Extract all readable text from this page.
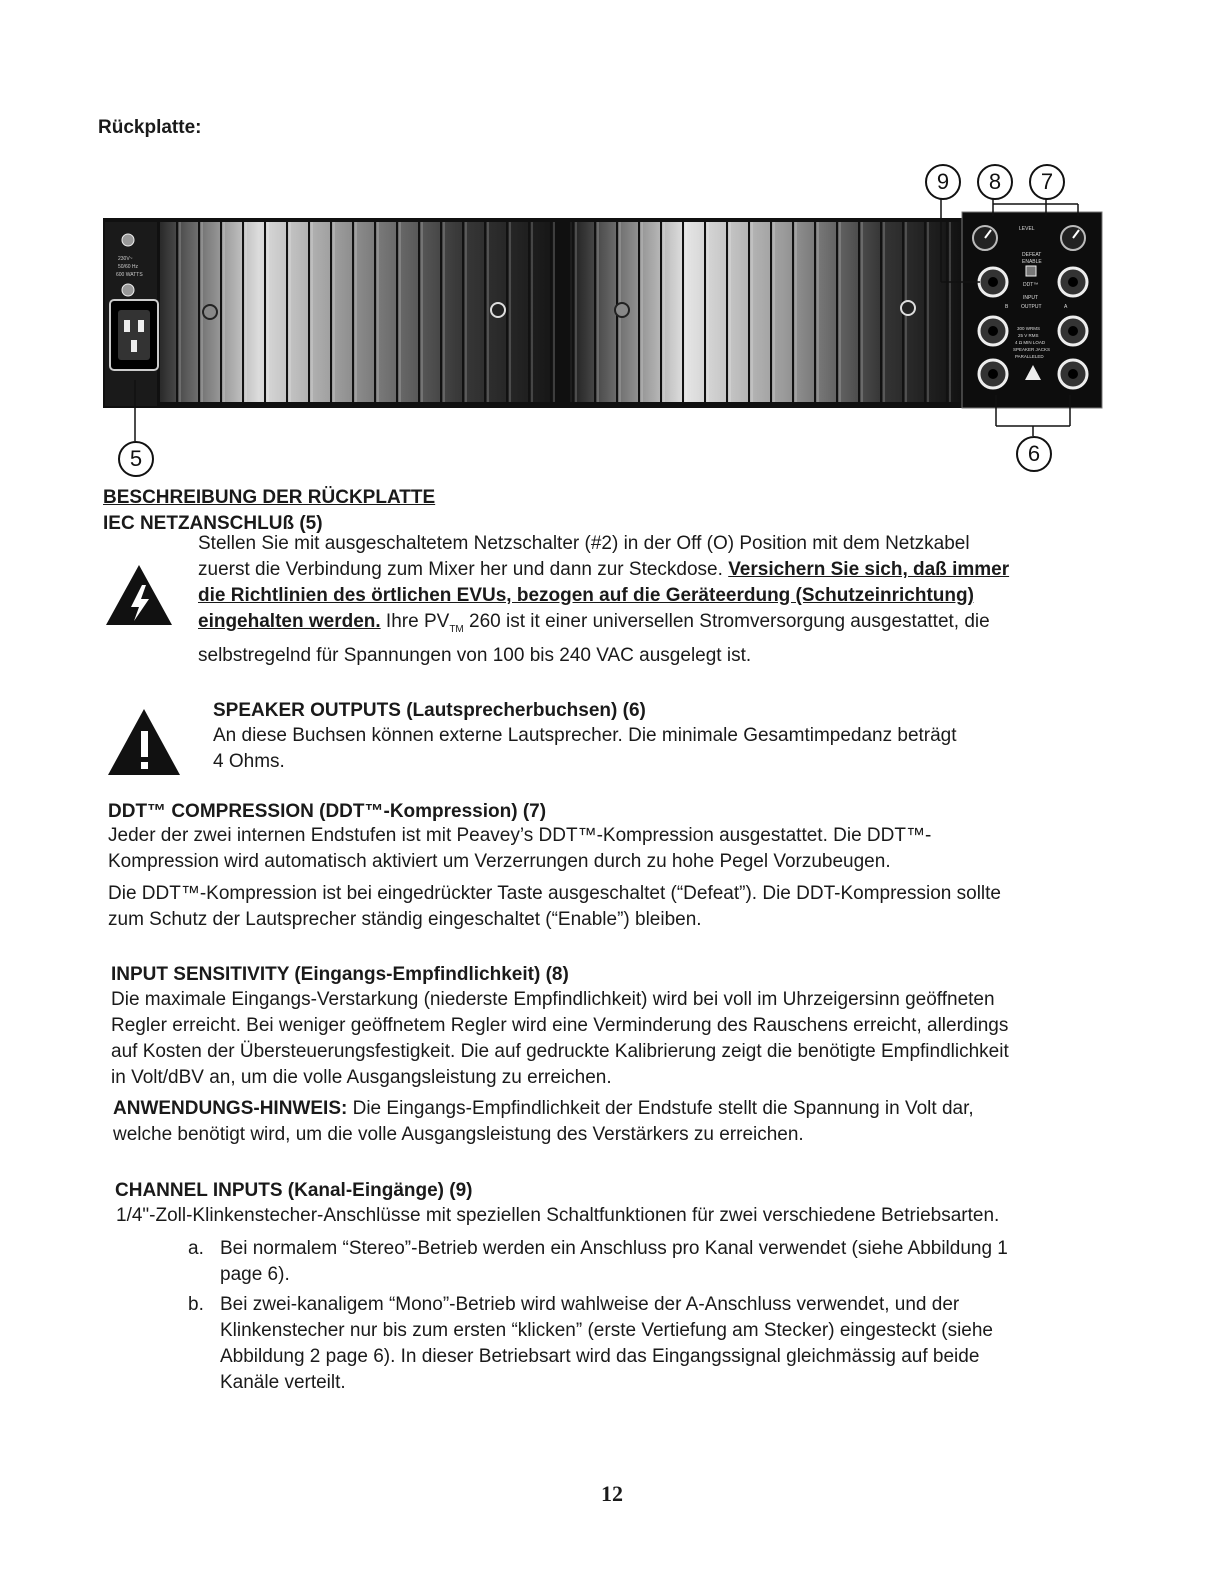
Rückplatte:
230V~
50/60 Hz
600 WATTS
LEVEL
DEFEAT
ENABLE
DDT™
INPUT
OUTPUT
B	A
300 WRMS
25 V RMS
4 Ω MIN LOAD
SPEAKER JACKS
PARALLELED
9	8	7
5	6
BESCHREIBUNG DER RÜCKPLATTE
IEC NETZANSCHLUß (5)
Stellen Sie mit ausgeschaltetem Netzschalter (#2) in der Off (O) Position mit dem Netzkabel
zuerst die Verbindung zum Mixer her und dann zur Steckdose. Versichern Sie sich, daß immer
die Richtlinien des örtlichen EVUs, bezogen auf die Geräteerdung (Schutzeinrichtung)
eingehalten werden. Ihre $PV_{TM}$ 260 ist it einer universellen Stromversorgung ausgestattet, die
selbstregelnd für Spannungen von 100 bis 240 VAC ausgelegt ist.
SPEAKER OUTPUTS (Lautsprecherbuchsen) (6)
An diese Buchsen können externe Lautsprecher. Die minimale Gesamtimpedanz beträgt
4 Ohms.
DDT™ COMPRESSION (DDT™-Kompression) (7)
Jeder der zwei internen Endstufen ist mit Peavey’s DDT™-Kompression ausgestattet. Die DDT™-
Kompression wird automatisch aktiviert um Verzerrungen durch zu hohe Pegel Vorzubeugen.
Die DDT™-Kompression ist bei eingedrückter Taste ausgeschaltet (“Defeat”). Die DDT-Kompression sollte
zum Schutz der Lautsprecher ständig eingeschaltet (“Enable”) bleiben.
INPUT SENSITIVITY (Eingangs-Empfindlichkeit) (8)
Die maximale Eingangs-Verstarkung (niederste Empfindlichkeit) wird bei voll im Uhrzeigersinn geöffneten
Regler erreicht. Bei weniger geöffnetem Regler wird eine Verminderung des Rauschens erreicht, allerdings
auf Kosten der Übersteuerungsfestigkeit. Die auf gedruckte Kalibrierung zeigt die benötigte Empfindlichkeit
in Volt/dBV an, um die volle Ausgangsleistung zu erreichen.
ANWENDUNGS-HINWEIS: Die Eingangs-Empfindlichkeit der Endstufe stellt die Spannung in Volt dar,
welche benötigt wird, um die volle Ausgangsleistung des Verstärkers zu erreichen.
CHANNEL INPUTS (Kanal-Eingänge) (9)
1/4"-Zoll-Klinkenstecher-Anschlüsse mit speziellen Schaltfunktionen für zwei verschiedene Betriebsarten.
a. Bei normalem “Stereo”-Betrieb werden ein Anschluss pro Kanal verwendet (siehe Abbildung 1
page 6).
b. Bei zwei-kanaligem “Mono”-Betrieb wird wahlweise der A-Anschluss verwendet, und der
Klinkenstecher nur bis zum ersten “klicken” (erste Vertiefung am Stecker) eingesteckt (siehe
Abbildung 2 page 6). In dieser Betriebsart wird das Eingangssignal gleichmässig auf beide
Kanäle verteilt.
12
